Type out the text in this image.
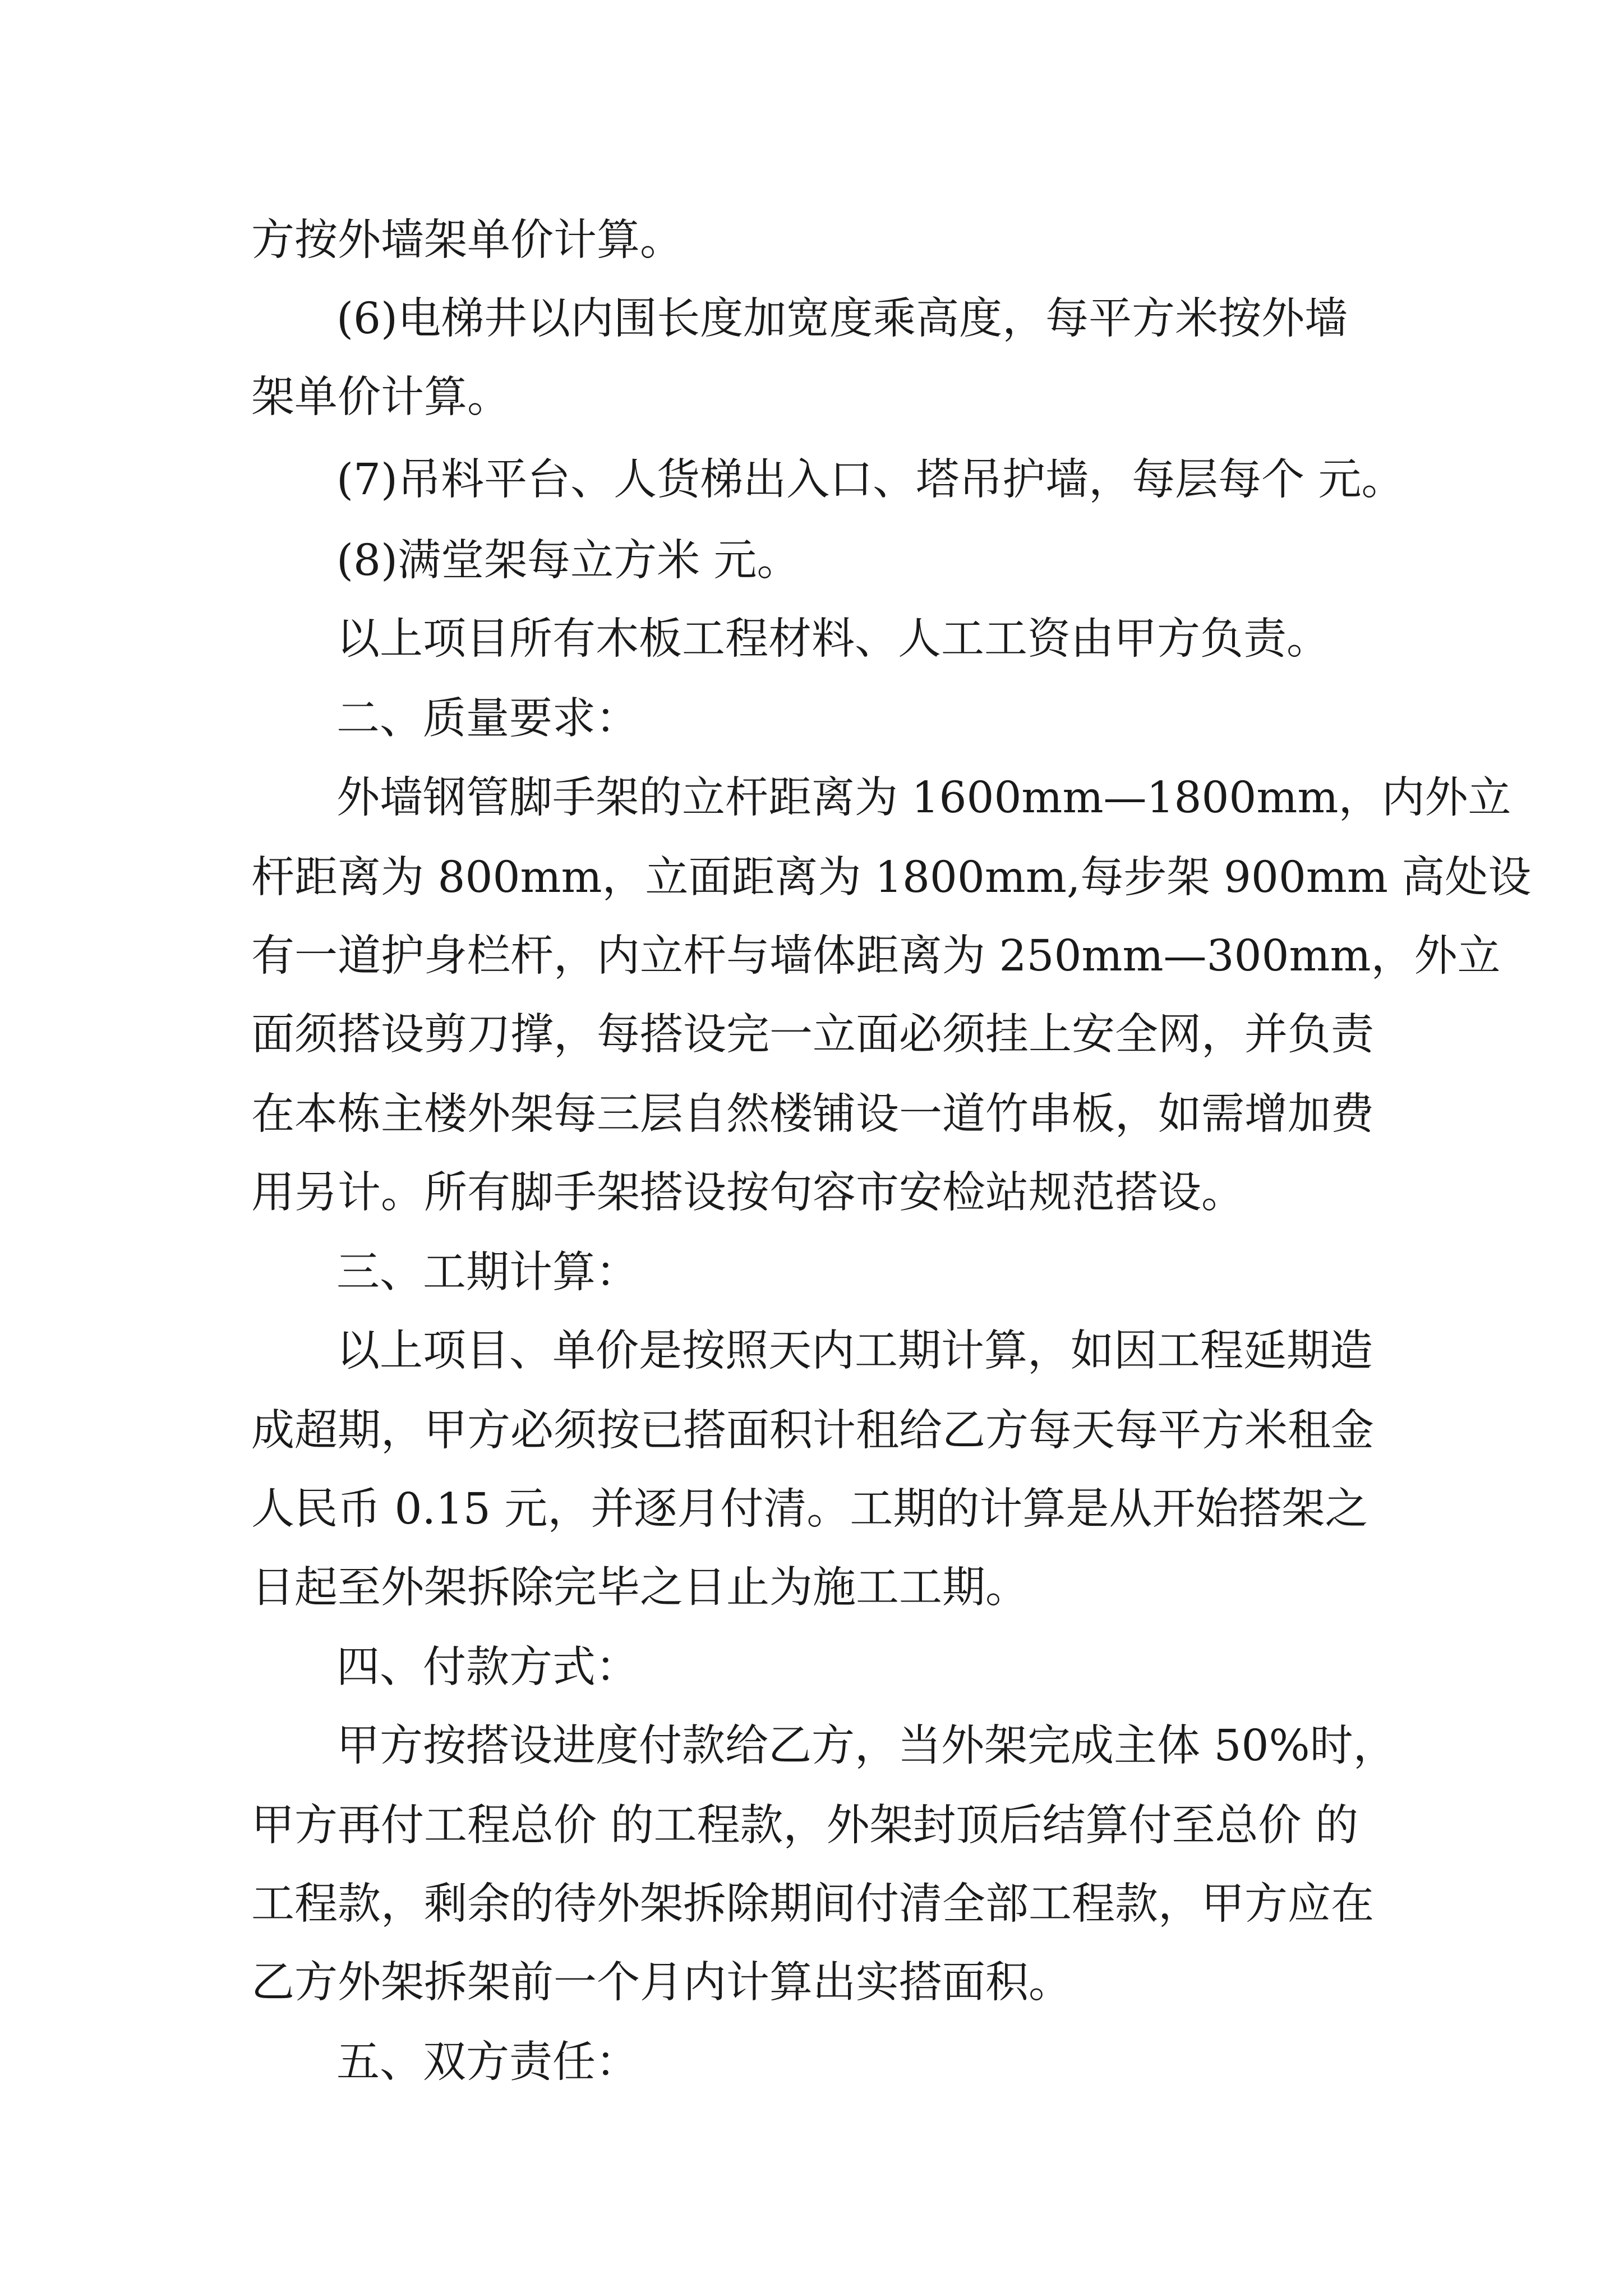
方按外墙架单价计算。
(6)电梯井以内围长度加宽度乘高度，每平方米按外墙
架单价计算。
(7)吊料平台、人货梯出入口、塔吊护墙，每层每个 元。
(8)满堂架每立方米 元。
以上项目所有木板工程材料、人工工资由甲方负责。
二、质量要求：
外墙钢管脚手架的立杆距离为 1600mm—1800mm，内外立
杆距离为 800mm，立面距离为 1800mm,每步架 900mm 高处设
有一道护身栏杆，内立杆与墙体距离为 250mm—300mm，外立
面须搭设剪刀撑，每搭设完一立面必须挂上安全网，并负责
在本栋主楼外架每三层自然楼铺设一道竹串板，如需增加费
用另计。所有脚手架搭设按句容市安检站规范搭设。
三、工期计算：
以上项目、单价是按照天内工期计算，如因工程延期造
成超期，甲方必须按已搭面积计租给乙方每天每平方米租金
人民币 0.15 元，并逐月付清。工期的计算是从开始搭架之
日起至外架拆除完毕之日止为施工工期。
四、付款方式：
甲方按搭设进度付款给乙方，当外架完成主体 50%时，
甲方再付工程总价 的工程款，外架封顶后结算付至总价 的
工程款，剩余的待外架拆除期间付清全部工程款，甲方应在
乙方外架拆架前一个月内计算出实搭面积。
五、双方责任：
